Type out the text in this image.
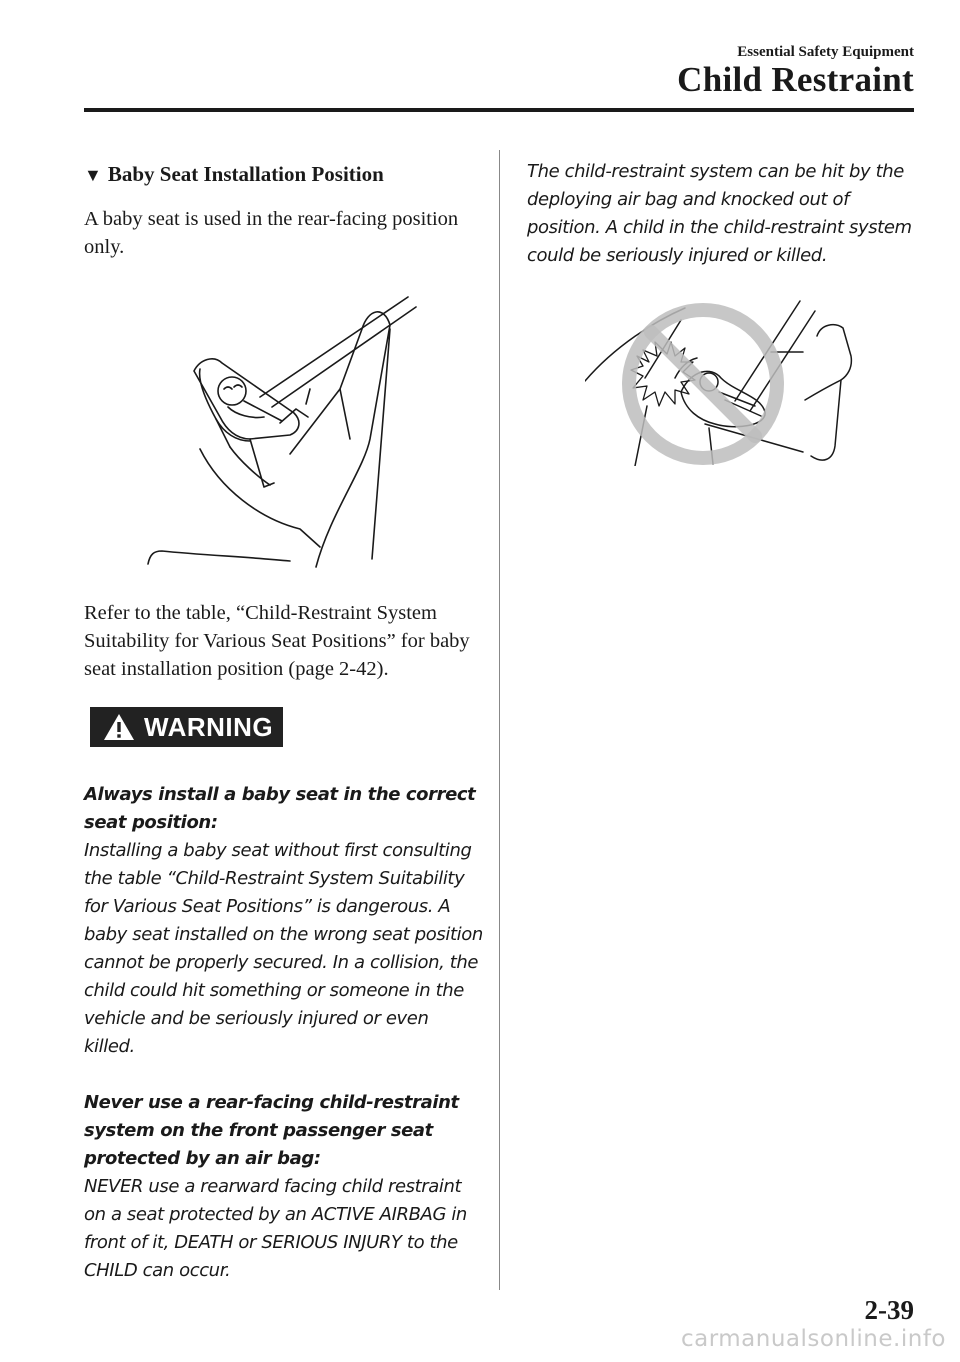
Essential Safety Equipment
Child Restraint
▼ Baby Seat Installation Position

A baby seat is used in the rear-facing position only.

Refer to the table, “Child-Restraint System Suitability for Various Seat Positions” for baby seat installation position (page 2-42).

WARNING

Always install a baby seat in the correct seat position:

Installing a baby seat without first consulting the table “Child-Restraint System Suitability for Various Seat Positions” is dangerous. A baby seat installed on the wrong seat position cannot be properly secured. In a collision, the child could hit something or someone in the vehicle and be seriously injured or even killed.

Never use a rear-facing child-restraint system on the front passenger seat protected by an air bag:

NEVER use a rearward facing child restraint on a seat protected by an ACTIVE AIRBAG in front of it, DEATH or SERIOUS INJURY to the CHILD can occur.

The child-restraint system can be hit by the deploying air bag and knocked out of position. A child in the child-restraint system could be seriously injured or killed.

2-39
carmanualsonline.info
